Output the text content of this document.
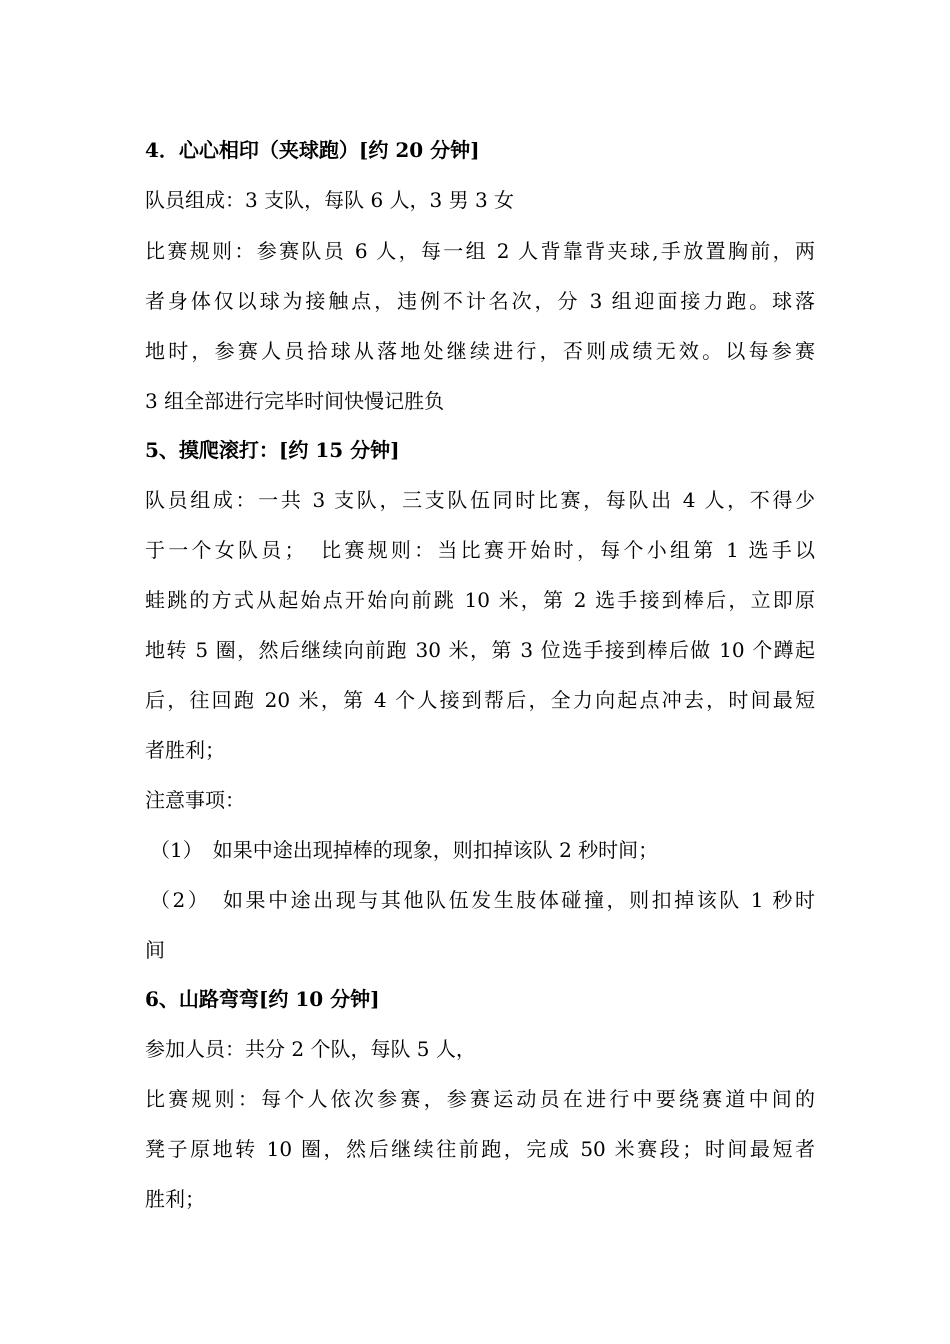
4．心心相印（夹球跑）[约 20 分钟]
队员组成：3 支队，每队 6 人，3 男 3 女
比赛规则：参赛队员 6 人，每一组 2 人背靠背夹球,手放置胸前，两
者身体仅以球为接触点，违例不计名次，分 3 组迎面接力跑。球落
地时，参赛人员拾球从落地处继续进行，否则成绩无效。以每参赛
3 组全部进行完毕时间快慢记胜负
5、摸爬滚打：[约 15 分钟]
队员组成：一共 3 支队，三支队伍同时比赛，每队出 4 人，不得少
于一个女队员；　比赛规则：当比赛开始时，每个小组第 1 选手以
蛙跳的方式从起始点开始向前跳 10 米，第 2 选手接到棒后，立即原
地转 5 圈，然后继续向前跑 30 米，第 3 位选手接到棒后做 10 个蹲起
后，往回跑 20 米，第 4 个人接到帮后，全力向起点冲去，时间最短
者胜利；
注意事项：
（1）　如果中途出现掉棒的现象，则扣掉该队 2 秒时间；
（2）　如果中途出现与其他队伍发生肢体碰撞，则扣掉该队 1 秒时
间
6、山路弯弯[约 10 分钟]
参加人员：共分 2 个队，每队 5 人，
比赛规则：每个人依次参赛，参赛运动员在进行中要绕赛道中间的
凳子原地转 10 圈，然后继续往前跑，完成 50 米赛段；时间最短者
胜利；
